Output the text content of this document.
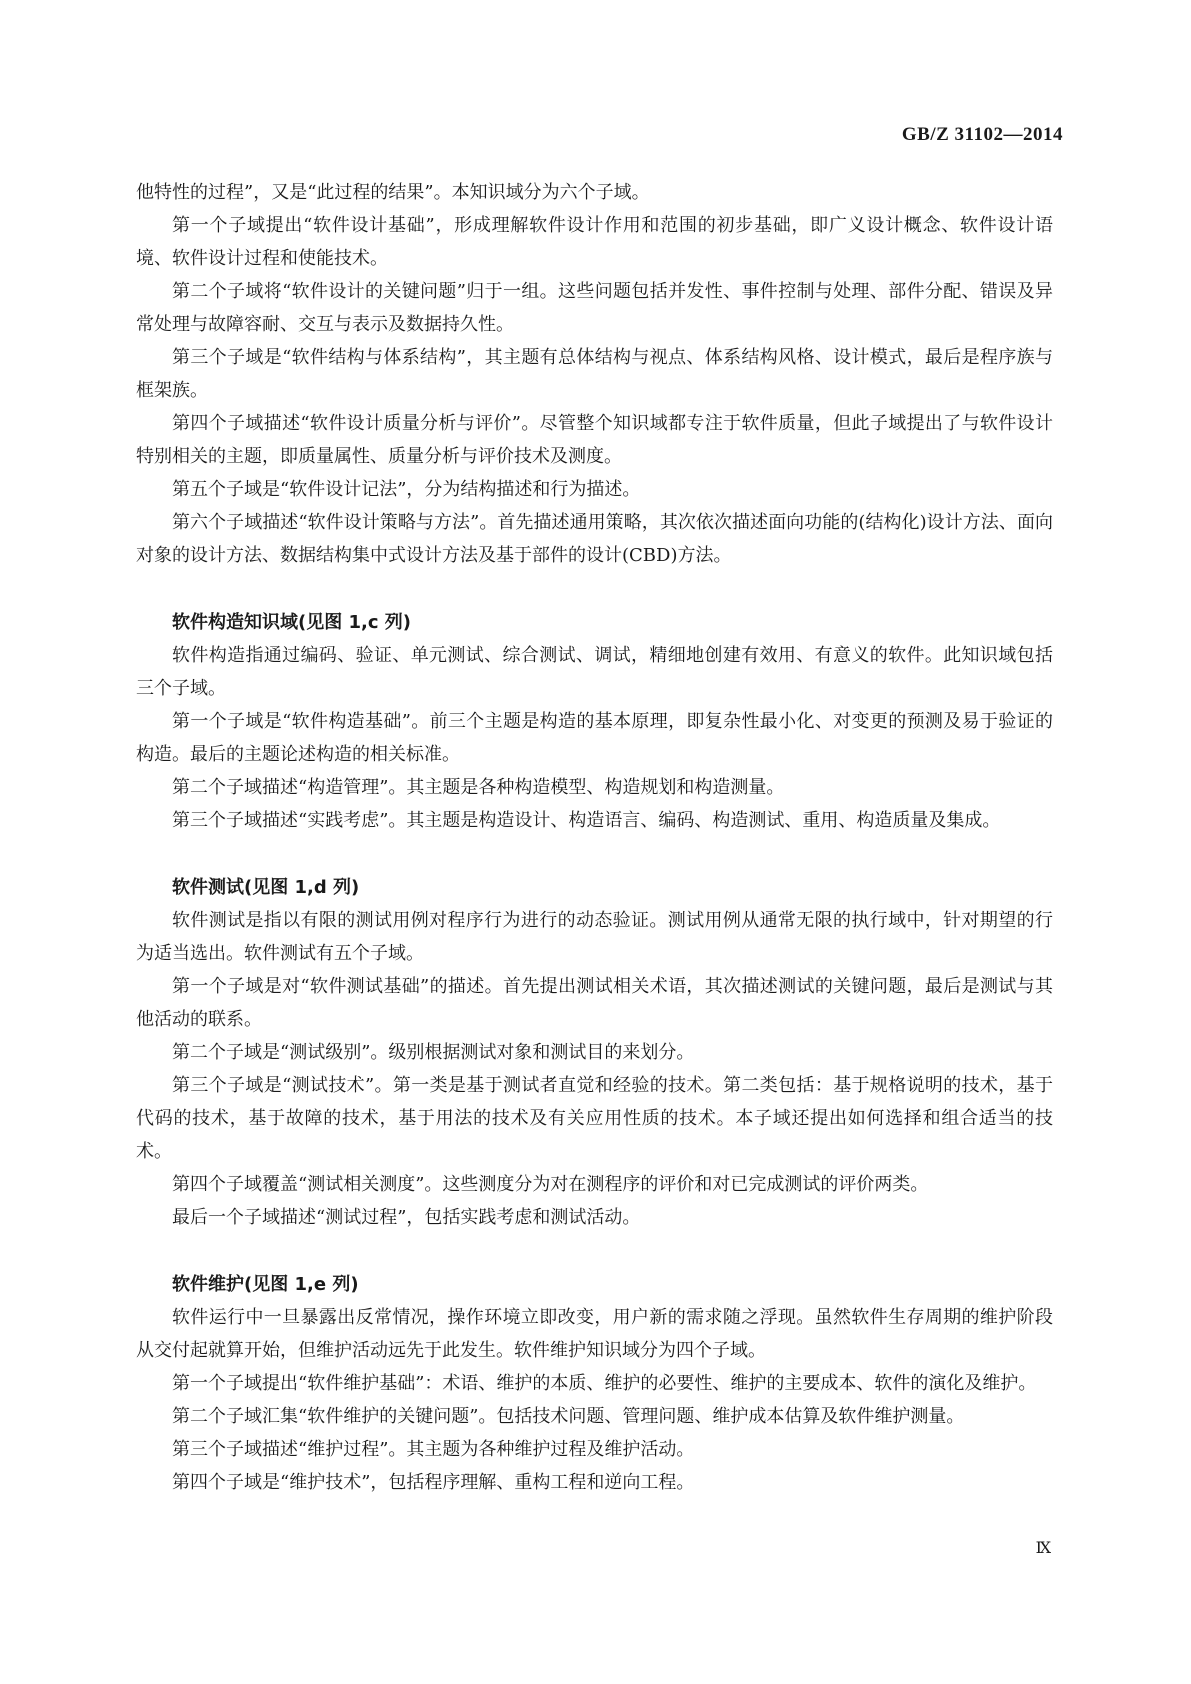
GB/Z 31102—2014

他特性的过程”，又是“此过程的结果”。本知识域分为六个子域。

第一个子域提出“软件设计基础”，形成理解软件设计作用和范围的初步基础，即广义设计概念、软件设计语境、软件设计过程和使能技术。

第二个子域将“软件设计的关键问题”归于一组。这些问题包括并发性、事件控制与处理、部件分配、错误及异常处理与故障容耐、交互与表示及数据持久性。

第三个子域是“软件结构与体系结构”，其主题有总体结构与视点、体系结构风格、设计模式，最后是程序族与框架族。

第四个子域描述“软件设计质量分析与评价”。尽管整个知识域都专注于软件质量，但此子域提出了与软件设计特别相关的主题，即质量属性、质量分析与评价技术及测度。

第五个子域是“软件设计记法”，分为结构描述和行为描述。

第六个子域描述“软件设计策略与方法”。首先描述通用策略，其次依次描述面向功能的(结构化)设计方法、面向对象的设计方法、数据结构集中式设计方法及基于部件的设计(CBD)方法。

软件构造知识域(见图 1,c 列)

软件构造指通过编码、验证、单元测试、综合测试、调试，精细地创建有效用、有意义的软件。此知识域包括三个子域。

第一个子域是“软件构造基础”。前三个主题是构造的基本原理，即复杂性最小化、对变更的预测及易于验证的构造。最后的主题论述构造的相关标准。

第二个子域描述“构造管理”。其主题是各种构造模型、构造规划和构造测量。

第三个子域描述“实践考虑”。其主题是构造设计、构造语言、编码、构造测试、重用、构造质量及集成。

软件测试(见图 1,d 列)

软件测试是指以有限的测试用例对程序行为进行的动态验证。测试用例从通常无限的执行域中，针对期望的行为适当选出。软件测试有五个子域。

第一个子域是对“软件测试基础”的描述。首先提出测试相关术语，其次描述测试的关键问题，最后是测试与其他活动的联系。

第二个子域是“测试级别”。级别根据测试对象和测试目的来划分。

第三个子域是“测试技术”。第一类是基于测试者直觉和经验的技术。第二类包括：基于规格说明的技术，基于代码的技术，基于故障的技术，基于用法的技术及有关应用性质的技术。本子域还提出如何选择和组合适当的技术。

第四个子域覆盖“测试相关测度”。这些测度分为对在测程序的评价和对已完成测试的评价两类。

最后一个子域描述“测试过程”，包括实践考虑和测试活动。

软件维护(见图 1,e 列)

软件运行中一旦暴露出反常情况，操作环境立即改变，用户新的需求随之浮现。虽然软件生存周期的维护阶段从交付起就算开始，但维护活动远先于此发生。软件维护知识域分为四个子域。

第一个子域提出“软件维护基础”：术语、维护的本质、维护的必要性、维护的主要成本、软件的演化及维护。

第二个子域汇集“软件维护的关键问题”。包括技术问题、管理问题、维护成本估算及软件维护测量。

第三个子域描述“维护过程”。其主题为各种维护过程及维护活动。

第四个子域是“维护技术”，包括程序理解、重构工程和逆向工程。

Ⅸ
